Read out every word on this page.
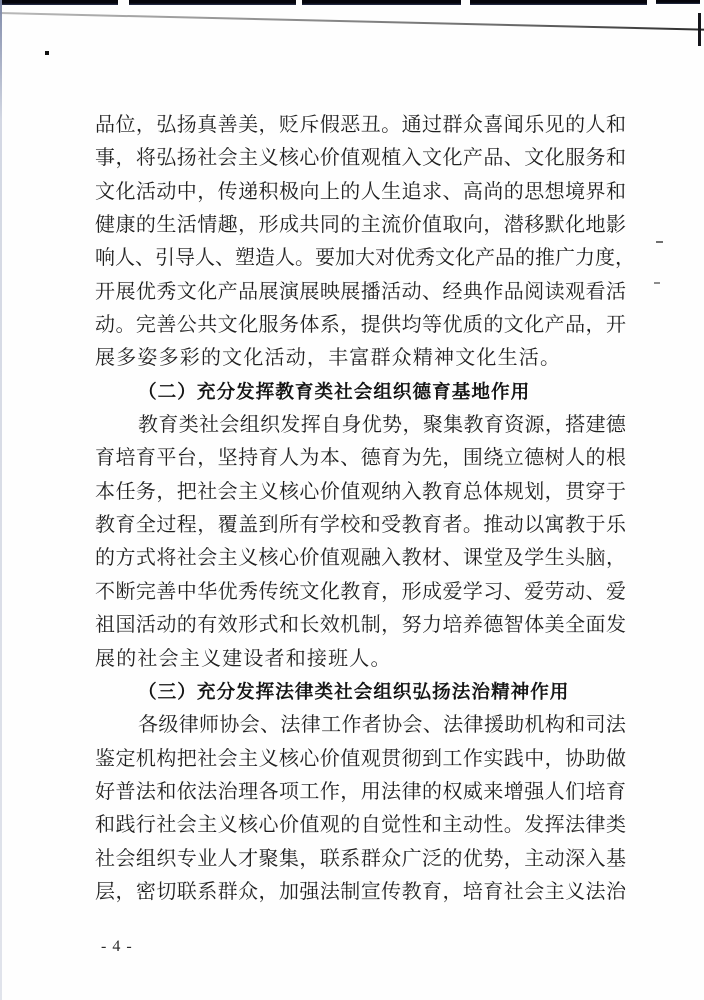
品 位 ， 弘 扬 真 善 美 ， 贬 斥 假 恶 丑 。 通 过 群 众 喜 闻 乐 见 的 人 和
事 ， 将 弘 扬 社 会 主 义 核 心 价 值 观 植 入 文 化 产 品 、 文 化 服 务 和
文 化 活 动 中 ， 传 递 积 极 向 上 的 人 生 追 求 、 高 尚 的 思 想 境 界 和
健 康 的 生 活 情 趣 ， 形 成 共 同 的 主 流 价 值 取 向 ， 潜 移 默 化 地 影
响 人 、 引 导 人 、 塑 造 人 。 要 加 大 对 优 秀 文 化 产 品 的 推 广 力 度 ，
开 展 优 秀 文 化 产 品 展 演 展 映 展 播 活 动 、 经 典 作 品 阅 读 观 看 活
动 。 完 善 公 共 文 化 服 务 体 系 ， 提 供 均 等 优 质 的 文 化 产 品 ， 开
展 多 姿 多 彩 的 文 化 活 动 ， 丰 富 群 众 精 神 文 化 生 活 。
（ 二 ） 充 分 发 挥 教 育 类 社 会 组 织 德 育 基 地 作 用
教 育 类 社 会 组 织 发 挥 自 身 优 势 ， 聚 集 教 育 资 源 ， 搭 建 德
育 培 育 平 台 ， 坚 持 育 人 为 本 、 德 育 为 先 ， 围 绕 立 德 树 人 的 根
本 任 务 ， 把 社 会 主 义 核 心 价 值 观 纳 入 教 育 总 体 规 划 ， 贯 穿 于
教 育 全 过 程 ， 覆 盖 到 所 有 学 校 和 受 教 育 者 。 推 动 以 寓 教 于 乐
的 方 式 将 社 会 主 义 核 心 价 值 观 融 入 教 材 、 课 堂 及 学 生 头 脑 ，
不 断 完 善 中 华 优 秀 传 统 文 化 教 育 ， 形 成 爱 学 习 、 爱 劳 动 、 爱
祖 国 活 动 的 有 效 形 式 和 长 效 机 制 ， 努 力 培 养 德 智 体 美 全 面 发
展 的 社 会 主 义 建 设 者 和 接 班 人 。
（ 三 ） 充 分 发 挥 法 律 类 社 会 组 织 弘 扬 法 治 精 神 作 用
各 级 律 师 协 会 、 法 律 工 作 者 协 会 、 法 律 援 助 机 构 和 司 法
鉴 定 机 构 把 社 会 主 义 核 心 价 值 观 贯 彻 到 工 作 实 践 中 ， 协 助 做
好 普 法 和 依 法 治 理 各 项 工 作 ， 用 法 律 的 权 威 来 增 强 人 们 培 育
和 践 行 社 会 主 义 核 心 价 值 观 的 自 觉 性 和 主 动 性 。 发 挥 法 律 类
社 会 组 织 专 业 人 才 聚 集 ， 联 系 群 众 广 泛 的 优 势 ， 主 动 深 入 基
层 ， 密 切 联 系 群 众 ， 加 强 法 制 宣 传 教 育 ， 培 育 社 会 主 义 法 治
- 4 -
